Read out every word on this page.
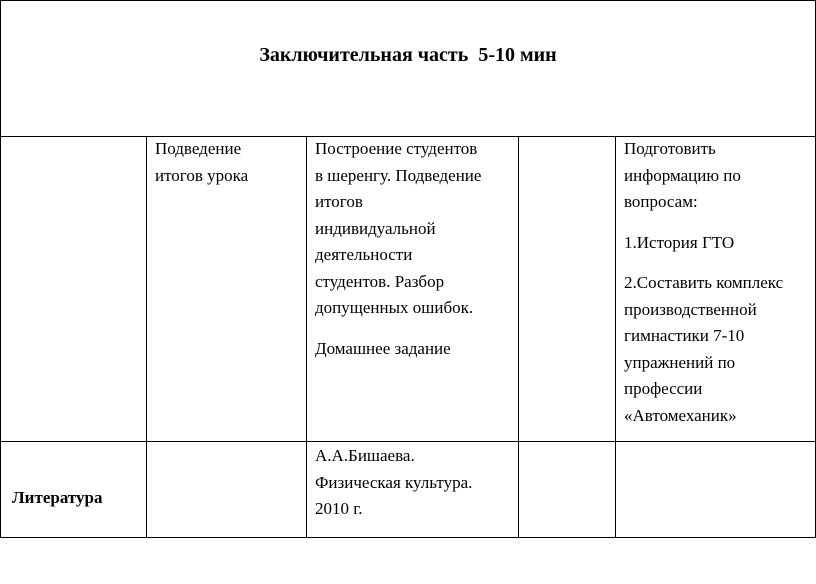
Заключительная часть  5-10 мин

Подведение

итогов урока

Построение студентов

в шеренгу. Подведение

итогов

индивидуальной

деятельности

студентов. Разбор

допущенных ошибок.

Домашнее задание

Подготовить

информацию по

вопросам:

1.История ГТО

2.Составить комплекс

производственной

гимнастики 7-10

упражнений по

профессии

«Автомеханик»

Литература

А.А.Бишаева.

Физическая культура.

2010 г.
